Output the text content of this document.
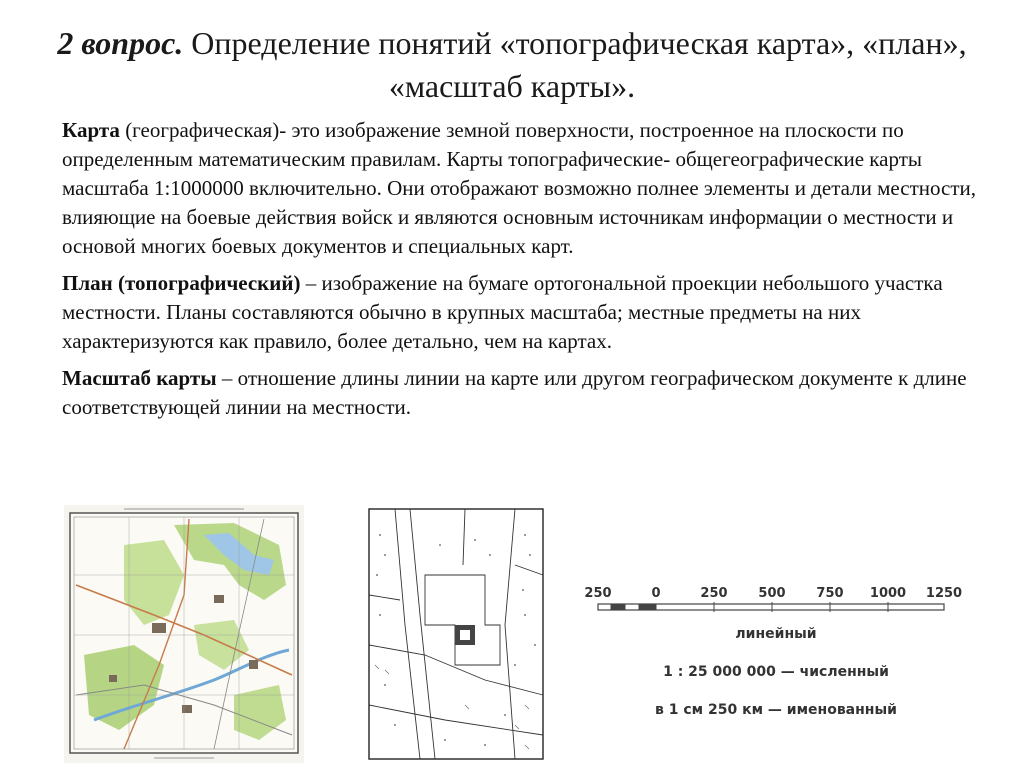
2 вопрос. Определение понятий «топографическая карта», «план», «масштаб карты».

Карта (географическая)- это изображение земной поверхности, построенное на плоскости по определенным математическим правилам. Карты топографические- общегеографические карты масштаба 1:1000000 включительно. Они отображают возможно полнее элементы и детали местности, влияющие на боевые действия войск и являются основным источникам информации о местности и основой многих боевых документов и специальных карт.

План (топографический) – изображение на бумаге ортогональной проекции небольшого участка местности. Планы составляются обычно в крупных масштаба; местные предметы на них характеризуются как правило, более детально, чем на картах.

Масштаб карты – отношение длины линии на карте или другом географическом документе к длине соответствующей линии на местности.

250	0	250 500 750 1000 1250
линейный
1 : 25 000 000 — численный
в 1 см 250 км — именованный
